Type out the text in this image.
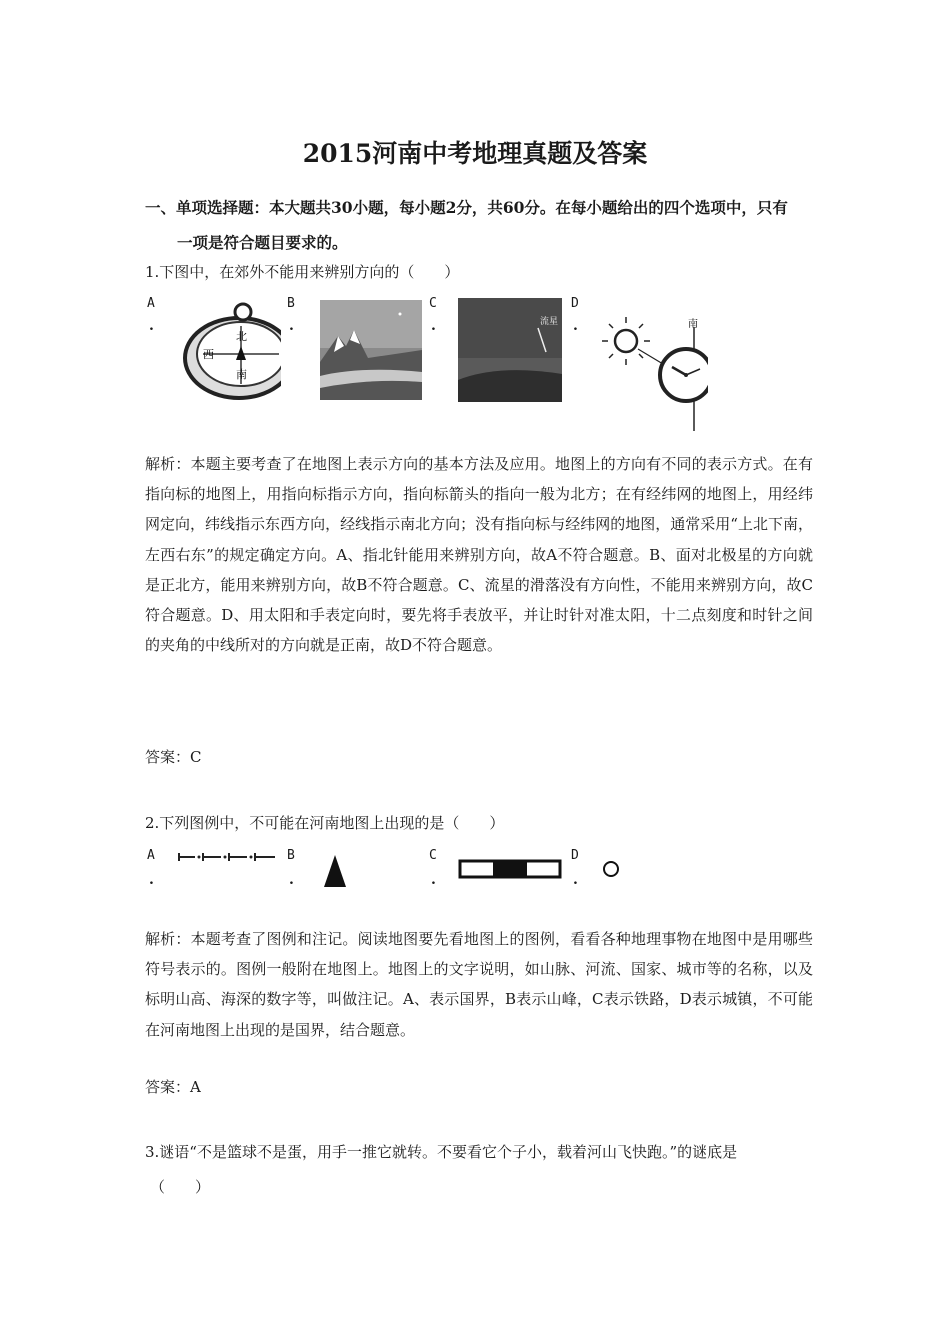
2015河南中考地理真题及答案
一、单项选择题：本大题共30小题，每小题2分，共60分。在每小题给出的四个选项中，只有
一项是符合题目要求的。
1.下图中，在郊外不能用来辨别方向的（　　）
A
.
北
南
西
B
.
C
.	流星
D
.	南
解析：本题主要考查了在地图上表示方向的基本方法及应用。地图上的方向有不同的表示方式。在有指向标的地图上，用指向标指示方向，指向标箭头的指向一般为北方；在有经纬网的地图上，用经纬网定向，纬线指示东西方向，经线指示南北方向；没有指向标与经纬网的地图，通常采用“上北下南，左西右东”的规定确定方向。A、指北针能用来辨别方向，故A不符合题意。B、面对北极星的方向就是正北方，能用来辨别方向，故B不符合题意。C、流星的滑落没有方向性，不能用来辨别方向，故C符合题意。D、用太阳和手表定向时，要先将手表放平，并让时针对准太阳，十二点刻度和时针之间的夹角的中线所对的方向就是正南，故D不符合题意。
答案：C
2.下列图例中，不可能在河南地图上出现的是（　　）
A
.
B
.
C
.
D
.
解析：本题考查了图例和注记。阅读地图要先看地图上的图例，看看各种地理事物在地图中是用哪些符号表示的。图例一般附在地图上。地图上的文字说明，如山脉、河流、国家、城市等的名称，以及标明山高、海深的数字等，叫做注记。A、表示国界，B表示山峰，C表示铁路，D表示城镇，不可能在河南地图上出现的是国界，结合题意。
答案：A
3.谜语“不是篮球不是蛋，用手一推它就转。不要看它个子小，载着河山飞快跑。”的谜底是
（　　）
